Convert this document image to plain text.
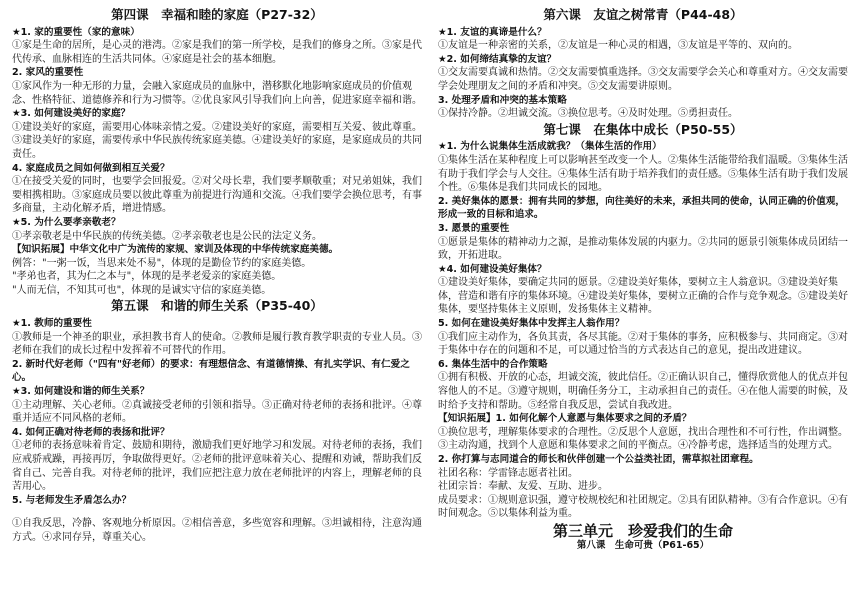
第四课　幸福和睦的家庭（P27-32）
★1. 家的重要性（家的意味）
①家是生命的居所，是心灵的港湾。②家是我们的第一所学校，是我们的修身之所。③家是代代传承、血脉相连的生活共同体。④家庭是社会的基本细胞。
2. 家风的重要性
①家风作为一种无形的力量，会融入家庭成员的血脉中，潜移默化地影响家庭成员的价值观念、性格特征、道德修养和行为习惯等。②优良家风引导我们向上向善，促进家庭幸福和谐。
★3. 如何建设美好的家庭？
①建设美好的家庭，需要用心体味亲情之爱。②建设美好的家庭，需要相互关爱、彼此尊重。③建设美好的家庭，需要传承中华民族传统家庭美德。④建设美好的家庭，是家庭成员的共同责任。
4. 家庭成员之间如何做到相互关爱？
①在接受关爱的同时，也要学会回报爱。②对父母长辈，我们要孝顺敬重；对兄弟姐妹，我们要相携相助。③家庭成员要以彼此尊重为前提进行沟通和交流。④我们要学会换位思考，有事多商量，主动化解矛盾，增进情感。
★5. 为什么要孝亲敬老？
①孝亲敬老是中华民族的传统美德。②孝亲敬老也是公民的法定义务。
【知识拓展】中华文化中广为流传的家规、家训及体现的中华传统家庭美德。
例答："一粥一饭，当思来处不易"，体现的是勤俭节约的家庭美德。
"孝弟也者，其为仁之本与"，体现的是孝老爱亲的家庭美德。
"人而无信，不知其可也"，体现的是诚实守信的家庭美德。
第五课　和谐的师生关系（P35-40）
★1. 教师的重要性
①教师是一个神圣的职业，承担教书育人的使命。②教师是履行教育教学职责的专业人员。③老师在我们的成长过程中发挥着不可替代的作用。
2. 新时代好老师（"四有"好老师）的要求：有理想信念、有道德情操、有扎实学识、有仁爱之心。
★3. 如何建设和谐的师生关系？
①主动理解、关心老师。②真诚接受老师的引领和指导。③正确对待老师的表扬和批评。④尊重并适应不同风格的老师。
4. 如何正确对待老师的表扬和批评？
①老师的表扬意味着肯定、鼓励和期待，激励我们更好地学习和发展。对待老师的表扬，我们应戒骄戒躁，再接再厉，争取做得更好。②老师的批评意味着关心、提醒和劝诫，帮助我们反省自己、完善自我。对待老师的批评，我们应把注意力放在老师批评的内容上，理解老师的良苦用心。
5. 与老师发生矛盾怎么办？
①自我反思，冷静、客观地分析原因。②相信善意，多些宽容和理解。③坦诚相待，注意沟通方式。④求同存异，尊重关心。
第六课　友谊之树常青（P44-48）
★1. 友谊的真谛是什么？
①友谊是一种亲密的关系，②友谊是一种心灵的相遇，③友谊是平等的、双向的。
★2. 如何缔结真挚的友谊？
①交友需要真诚和热情。②交友需要慎重选择。③交友需要学会关心和尊重对方。④交友需要学会处理朋友之间的矛盾和冲突。⑤交友需要讲原则。
3. 处理矛盾和冲突的基本策略
①保持冷静。②坦诚交流。③换位思考。④及时处理。⑤勇担责任。
第七课　在集体中成长（P50-55）
★1. 为什么说集体生活成就我？（集体生活的作用）
①集体生活在某种程度上可以影响甚至改变一个人。②集体生活能带给我们温暖。③集体生活有助于我们学会与人交往。④集体生活有助于培养我们的责任感。⑤集体生活有助于我们发展个性。⑥集体是我们共同成长的园地。
2. 美好集体的愿景：拥有共同的梦想，向往美好的未来，承担共同的使命，认同正确的价值观，形成一致的目标和追求。
3. 愿景的重要性
①愿景是集体的精神动力之源，是推动集体发展的内驱力。②共同的愿景引领集体成员团结一致，开拓进取。
★4. 如何建设美好集体？
①建设美好集体，要确定共同的愿景。②建设美好集体，要树立主人翁意识。③建设美好集体，营造和谐有序的集体环境。④建设美好集体，要树立正确的合作与竞争观念。⑤建设美好集体，要坚持集体主义原则，发扬集体主义精神。
5. 如何在建设美好集体中发挥主人翁作用？
①我们应主动作为，各负其责，各尽其能。②对于集体的事务，应积极参与、共同商定。③对于集体中存在的问题和不足，可以通过恰当的方式表达自己的意见，提出改进建议。
6. 集体生活中的合作策略
①拥有积极、开放的心态，坦诚交流，彼此信任。②正确认识自己，懂得欣赏他人的优点并包容他人的不足。③遵守规则，明确任务分工，主动承担自己的责任。④在他人需要的时候，及时给予支持和帮助。⑤经常自我反思，尝试自我改进。
【知识拓展】1. 如何化解个人意愿与集体要求之间的矛盾？
①换位思考，理解集体要求的合理性。②反思个人意愿，找出合理性和不可行性，作出调整。③主动沟通，找到个人意愿和集体要求之间的平衡点。④冷静考虑，选择适当的处理方式。
2. 你打算与志同道合的师长和伙伴创建一个公益类社团，需草拟社团章程。
社团名称：学雷锋志愿者社团。
社团宗旨：奉献、友爱、互助、进步。
成员要求：①规则意识强，遵守校规校纪和社团规定。②具有团队精神。③有合作意识。④有时间观念。⑤以集体利益为重。
第三单元　珍爱我们的生命
第八课　生命可贵（P61-65）
